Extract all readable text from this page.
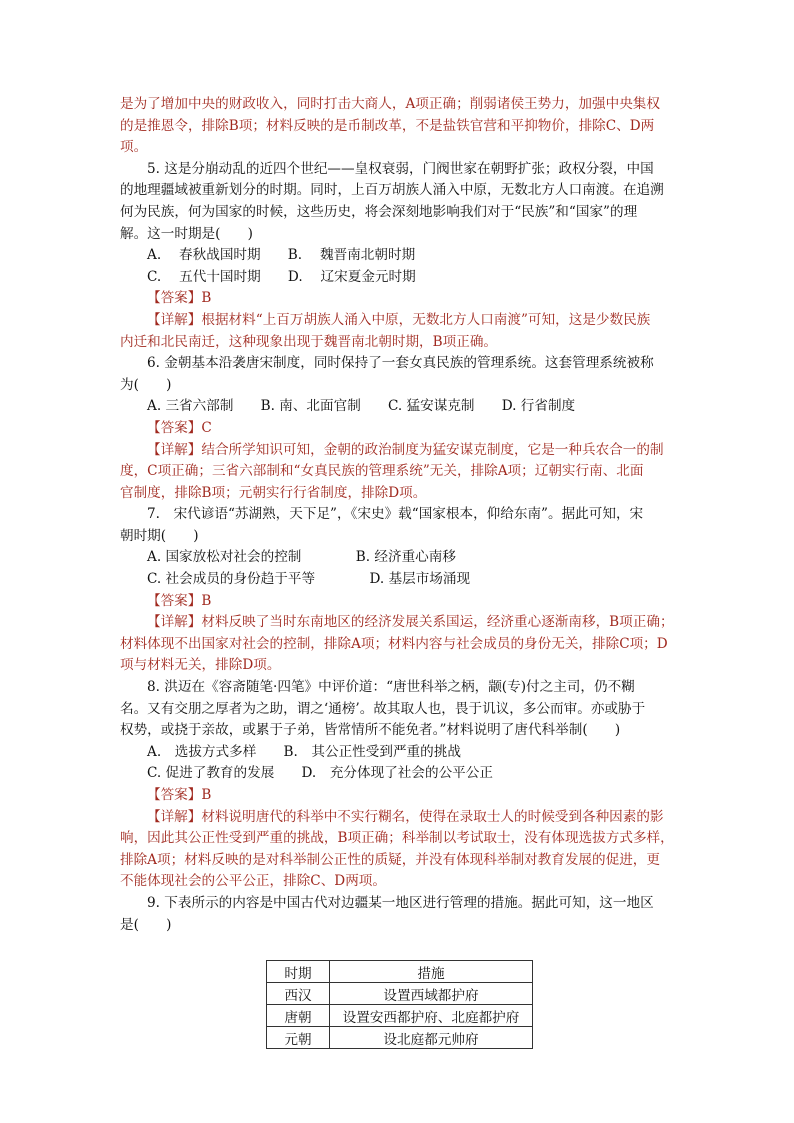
是为了增加中央的财政收入，同时打击大商人，A项正确；削弱诸侯王势力，加强中央集权

的是推恩令，排除B项；材料反映的是币制改革，不是盐铁官营和平抑物价，排除C、D两

项。

5. 这是分崩动乱的近四个世纪——皇权衰弱，门阀世家在朝野扩张；政权分裂，中国

的地理疆域被重新划分的时期。同时，上百万胡族人涌入中原，无数北方人口南渡。在追溯

何为民族，何为国家的时候，这些历史，将会深刻地影响我们对于“民族”和“国家”的理

解。这一时期是(　　)

A.　 春秋战国时期　　B.　 魏晋南北朝时期
C.　 五代十国时期　　D.　 辽宋夏金元时期
【答案】B

【详解】根据材料“上百万胡族人涌入中原，无数北方人口南渡”可知，这是少数民族

内迁和北民南迁，这种现象出现于魏晋南北朝时期，B项正确。

6. 金朝基本沿袭唐宋制度，同时保持了一套女真民族的管理系统。这套管理系统被称

为(　　)

A. 三省六部制　　B. 南、北面官制　　C. 猛安谋克制　　D. 行省制度
【答案】C

【详解】结合所学知识可知，金朝的政治制度为猛安谋克制度，它是一种兵农合一的制

度，C项正确；三省六部制和“女真民族的管理系统”无关，排除A项；辽朝实行南、北面

官制度，排除B项；元朝实行行省制度，排除D项。

7.　宋代谚语“苏湖熟，天下足”，《宋史》载“国家根本，仰给东南”。据此可知，宋

朝时期(　　)

A. 国家放松对社会的控制　　　　B. 经济重心南移
C. 社会成员的身份趋于平等　　　　D. 基层市场涌现
【答案】B

【详解】材料反映了当时东南地区的经济发展关系国运，经济重心逐渐南移，B项正确；

材料体现不出国家对社会的控制，排除A项；材料内容与社会成员的身份无关，排除C项；D

项与材料无关，排除D项。

8. 洪迈在《容斋随笔·四笔》中评价道：“唐世科举之柄，颛(专)付之主司，仍不糊

名。又有交朋之厚者为之助，谓之‘通榜’。故其取人也，畏于讥议，多公而审。亦或胁于

权势，或挠于亲故，或累于子弟，皆常情所不能免者。”材料说明了唐代科举制(　　)

A.　选拔方式多样　　B.　其公正性受到严重的挑战
C. 促进了教育的发展　　D.　充分体现了社会的公平公正
【答案】B

【详解】材料说明唐代的科举中不实行糊名，使得在录取士人的时候受到各种因素的影

响，因此其公正性受到严重的挑战，B项正确；科举制以考试取士，没有体现选拔方式多样，

排除A项；材料反映的是对科举制公正性的质疑，并没有体现科举制对教育发展的促进，更

不能体现社会的公平公正，排除C、D两项。

9. 下表所示的内容是中国古代对边疆某一地区进行管理的措施。据此可知，这一地区

是(　　)

时期	措施
西汉	设置西域都护府
唐朝	设置安西都护府、北庭都护府
元朝	设北庭都元帅府
